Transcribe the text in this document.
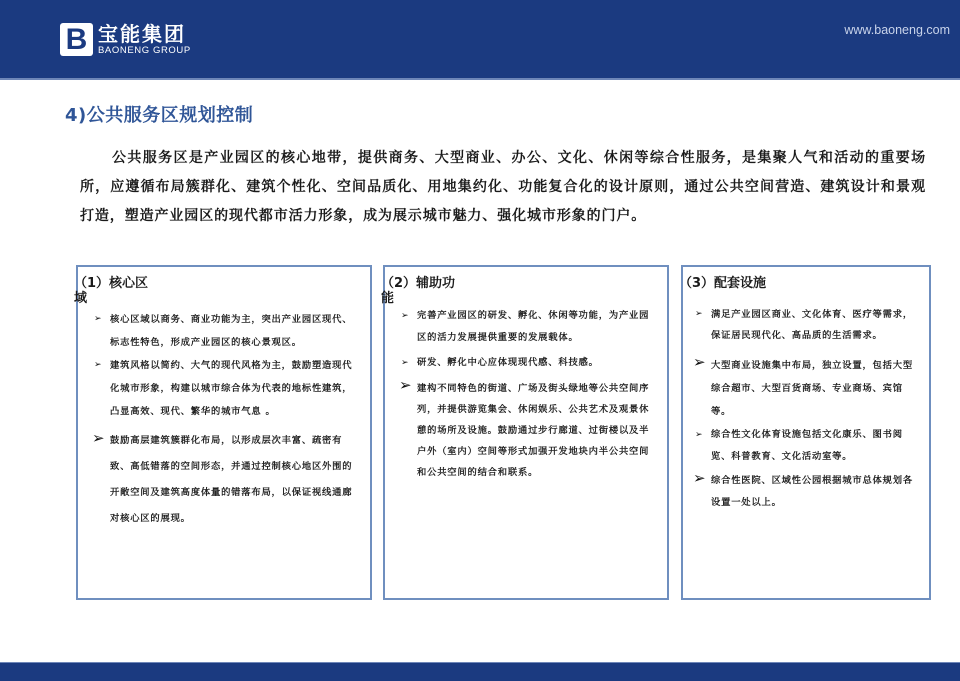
B 宝能集团
BAONENG GROUP
www.baoneng.com
4)公共服务区规划控制
公共服务区是产业园区的核心地带，提供商务、大型商业、办公、文化、休闲等综合性服务，是集聚人气和活动的重要场所，应遵循布局簇群化、建筑个性化、空间品质化、用地集约化、功能复合化的设计原则，通过公共空间营造、建筑设计和景观打造，塑造产业园区的现代都市活力形象，成为展示城市魅力、强化城市形象的门户。
（1）核心区域
➢ 核心区域以商务、商业功能为主，突出产业园区现代、标志性特色，形成产业园区的核心景观区。
➢ 建筑风格以简约、大气的现代风格为主，鼓励塑造现代化城市形象，构建以城市综合体为代表的地标性建筑，凸显高效、现代、繁华的城市气息 。
➢ 鼓励高层建筑簇群化布局，以形成层次丰富、疏密有致、高低错落的空间形态，并通过控制核心地区外围的开敞空间及建筑高度体量的错落布局，以保证视线通廊对核心区的展现。
（2）辅助功能
➢ 完善产业园区的研发、孵化、休闲等功能，为产业园区的活力发展提供重要的发展载体。
➢ 研发、孵化中心应体现现代感、科技感。
➢ 建构不同特色的街道、广场及街头绿地等公共空间序列，并提供游览集会、休闲娱乐、公共艺术及观景休憩的场所及设施。鼓励通过步行廊道、过街楼以及半户外（室内）空间等形式加强开发地块内半公共空间和公共空间的结合和联系。
（3）配套设施
➢ 满足产业园区商业、文化体育、医疗等需求，保证居民现代化、高品质的生活需求。
➢ 大型商业设施集中布局，独立设置，包括大型综合超市、大型百货商场、专业商场、宾馆等。
➢ 综合性文化体育设施包括文化康乐、图书阅览、科普教育、文化活动室等。
➢ 综合性医院、区域性公园根据城市总体规划各设置一处以上。
